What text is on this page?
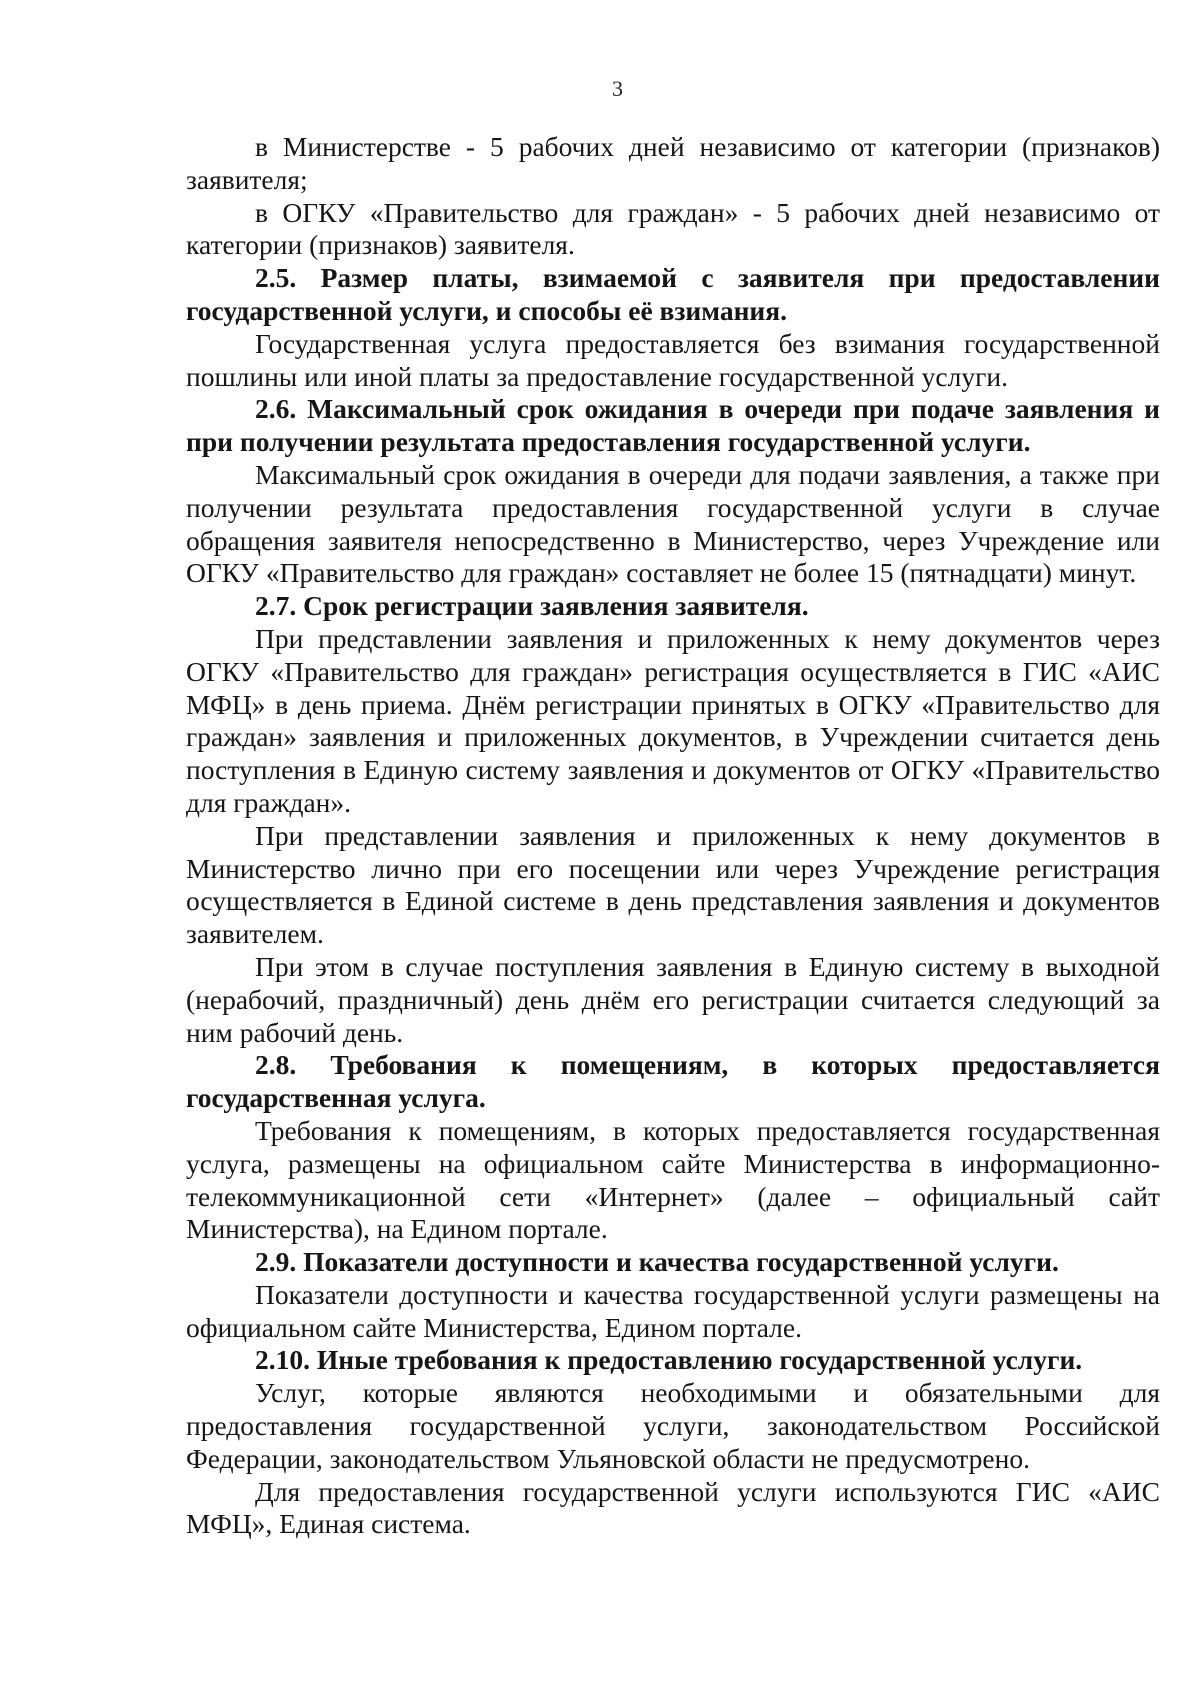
3

в Министерстве - 5 рабочих дней независимо от категории (признаков) заявителя;

в ОГКУ «Правительство для граждан» - 5 рабочих дней независимо от категории (признаков) заявителя.

2.5. Размер платы, взимаемой с заявителя при предоставлении государственной услуги, и способы её взимания.

Государственная услуга предоставляется без взимания государственной пошлины или иной платы за предоставление государственной услуги.

2.6. Максимальный срок ожидания в очереди при подаче заявления и при получении результата предоставления государственной услуги.

Максимальный срок ожидания в очереди для подачи заявления, а также при получении результата предоставления государственной услуги в случае обращения заявителя непосредственно в Министерство, через Учреждение или ОГКУ «Правительство для граждан» составляет не более 15 (пятнадцати) минут.

2.7. Срок регистрации заявления заявителя.

При представлении заявления и приложенных к нему документов через ОГКУ «Правительство для граждан» регистрация осуществляется в ГИС «АИС МФЦ» в день приема. Днём регистрации принятых в ОГКУ «Правительство для граждан» заявления и приложенных документов, в Учреждении считается день поступления в Единую систему заявления и документов от ОГКУ «Правительство для граждан».

При представлении заявления и приложенных к нему документов в Министерство лично при его посещении или через Учреждение регистрация осуществляется в Единой системе в день представления заявления и документов заявителем.

При этом в случае поступления заявления в Единую систему в выходной (нерабочий, праздничный) день днём его регистрации считается следующий за ним рабочий день.

2.8. Требования к помещениям, в которых предоставляется государственная услуга.

Требования к помещениям, в которых предоставляется государственная услуга, размещены на официальном сайте Министерства в информационно-телекоммуникационной сети «Интернет» (далее – официальный сайт Министерства), на Едином портале.

2.9. Показатели доступности и качества государственной услуги.

Показатели доступности и качества государственной услуги размещены на официальном сайте Министерства, Едином портале.

2.10. Иные требования к предоставлению государственной услуги.

Услуг, которые являются необходимыми и обязательными для предоставления государственной услуги, законодательством Российской Федерации, законодательством Ульяновской области не предусмотрено.

Для предоставления государственной услуги используются ГИС «АИС МФЦ», Единая система.
